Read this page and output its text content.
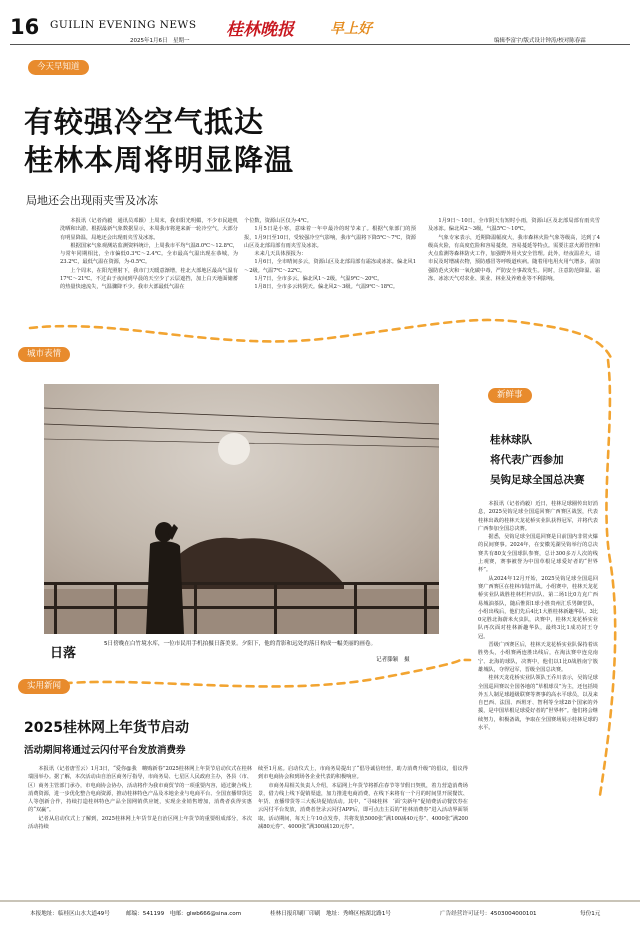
16 GUILIN EVENING NEWS
2025年1月6日　星期一
桂林晚报	早上好
编辑李富宇/版式设计钟涛/校对陈春霖
今天早知道
有较强冷空气抵达
桂林本周将明显降温
局地还会出现雨夹雪及冰冻

本报讯（记者尚毅　通讯员邓颖）上周末，我市阳光明媚，不少市民趁机洗晒和出游。根据最新气象数据显示，本周我市将迎来新一轮冷空气，大部分有明显降温，局地还会出现雨夹雪及冰冻。

根据国家气象观测站监测资料统计，上周我市平均气温8.0℃～12.8℃，与常年同期相比，全市偏低0.3℃～2.4℃。全市最高气温出现在恭城，为23.2℃，最低气温在资源，为-0.5℃。

上个周末，在阳光照射下，我市门天暖意渐增，桂北大部地区最高气温有17℃～21℃。不过由于夜间到早晨的天空少了云层遮挡，加上白天地面储蓄的热量快速流失，气温骤降不少。我市大部最低气温在

个位数，资源山区仅为-4℃。

1月5日是小寒，意味着一年中最冷的时节来了。根据气象部门的预报，1月9日至10日，受较强冷空气影响，我市气温将下降5℃～7℃，资源山区及北部局部有雨夹雪及冰冻。

未来几天具体预报为：

1月6日，全市晴间多云，资源山区及北部局部有霜冻或冰冻。偏北风1～2级。气温7℃～22℃。

1月7日，全市多云。偏北风1～2级。气温9℃～20℃。

1月8日，全市多云转阴天。偏北风2～3级。气温9℃～18℃。

1月9日～10日，全市阴天有短时小雨，资源山区及北部局部有雨夹雪及冰冻。偏北风2～3级。气温5℃～10℃。

气象专家表示，近期降温幅度大，我市森林火险气象等级高，达到了4级高火险，有高度危险和容易蔓烧，容易蔓延等特点。需要注意火源管控和火点监测等森林防火工作，加强野外用火安全管理。此外，经夜温差大，请市民及时增减衣物，预防感冒等呼吸道疾病。随着用电用火用气增多，需加强防范火灾和一氧化碳中毒，严防安全事故发生。同时，注意防范降温、霜冻、冰冻天气对农业、果业、林业及养殖业等不利影响。

城市表情
日落
5日傍晚在白竹境水库，一位市民用手机拍摄日落美景。夕阳下，他的背影和远处的落日构成一幅美丽的画卷。
记者滕颖　摄
新鲜事
桂林球队
将代表广西参加
吴钩足球全国总决赛

本报讯（记者尚毅）近日，桂林足球圈传出好消息，2025吴钩足球全国巡回赛广西赛区战罢，代表桂林出战的桂林天龙花桥实业队获得冠军，并将代表广西参加全国总决赛。

据悉，吴钩足球全国巡回赛是目前国内非常火爆的民间赛事。2024年，在安徽芜湖吴钩举行的总决赛共有80支全国球队参赛，总计300多万人次的线上观赛，赛事被誉为中国草根足球爱好者的“世界杯”。

从2024年12月开始，2025吴钩足球全国巡回赛广西赛区在桂林市陆开战。小组赛中，桂林天龙花桥实业队战胜桂林栏杆店队、第二场1比0力克广西易城油茶队，随后惟阳1球小胜贵州汇乐男御堂队，小组出线后，他们先后4比1大胜桂林新趣华队、3比0完胜北海蔚米火虫队，决赛中，桂林天龙花桥实业队再次面对桂林新趣华队，最终3比1成功封王夺冠。

晋级广西赛区后，桂林天龙花桥实业队保持着该胜势头，小组赛两连胜出线后，在淘汰赛中连克南宁、北海的球队，决赛中，他们以1比0战胜南宁簇雄城队，夺得冠军，晋级全国总决赛。

桂林天龙花桥实业队领队王乔川表示，吴钩足球全国巡回赛以全国各地的“草根球员”为主，还包括境外五人制足球超级联赛等赛事的高水平球员，以及来自巴西、法国、西班牙、智利等全球28个国家的外援，是中国草根足球爱好者的“世界杯”。他们将会继续努力，积极备战，争取在全国赛场展示桂林足球的水平。

实用新闻
2025桂林网上年货节启动
活动期间将通过云闪付平台发放消费券

本报讯（记者唐雪云）1月3日，“爱你@我　嗨购新春”2025桂林网上年货节启动仪式在桂林瑞园举办。据了解，本次活动由自治区商务厅指导，市商务局、七星区人民政府主办，各县（市、区）商务主管部门承办，市电商协会协办，活动将作为我市商贸节的一项重要内容，通过聚合线上消费资源，进一步优化整合电商资源，推动桂林特色产品及本地企业与电商平台、全国直播带货达人等创新合作，持续打造桂林特色产品全国网销供应链，实现企业销售增加，消费者获得实惠的“双赢”。

记者从启动仪式上了解到，2025桂林网上年货节是自治区网上年货节的重要组成部分，本次活动持续

续至1月底。启动仪式上，市商务局提出了“倡导诚信经营，助力消费升级”的倡议，倡议得到市电商协会和到场各企业代表的积极响应。

市商务局相关负责人介绍，本届网上年货节将抓住春节等节假日契机，着力营造消费场景，借力线上线下促销渠道，加力推进电商消费，在线下来将有一个月的时间里开展餐饮、年货、直播带货等三大板块促销活动。其中，“寻味桂林　‘面’尖新年”促销费活动餐饮券在云闪付平台发放，消费者登录云闪付APP后，即可点击主页的“桂林消费券”进入活动界面领取，活动期间，每天上午10点发券，共将发放5000张“满100减40元券”、4000张“满200减80元券”、4000张“满300减120元券”。

本报地址：临桂区山水大道49号	邮编：541199　电邮：glwb666@sina.com	桂林日报印刷厂印刷　地址：秀峰区榕湖北路1号	广告经营许可证号：4503004000101	每份1元
